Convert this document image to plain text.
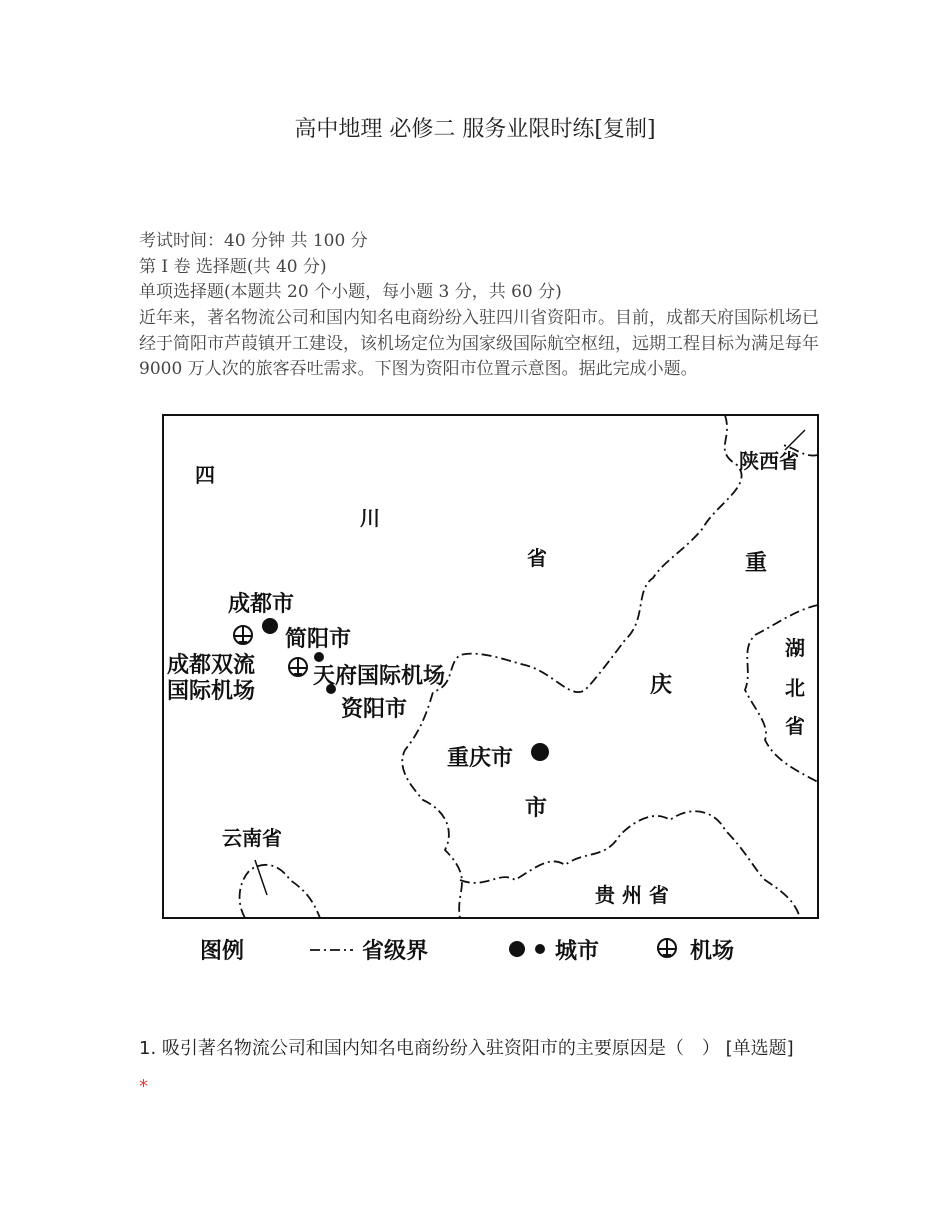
高中地理 必修二 服务业限时练[复制]
考试时间：40 分钟 共 100 分
第 I 卷 选择题(共 40 分)
单项选择题(本题共 20 个小题，每小题 3 分，共 60 分)
近年来，著名物流公司和国内知名电商纷纷入驻四川省资阳市。目前，成都天府国际机场已经于简阳市芦葭镇开工建设，该机场定位为国家级国际航空枢纽，远期工程目标为满足每年 9000 万人次的旅客吞吐需求。下图为资阳市位置示意图。据此完成小题。
四
川
省
陕西省
重
庆
市
湖
北
省
云南省
贵 州 省
成都市
简阳市
资阳市
重庆市
成都双流
国际机场
天府国际机场
图例	省级界	城市	机场
1. 吸引著名物流公司和国内知名电商纷纷入驻资阳市的主要原因是（　） [单选题] *
